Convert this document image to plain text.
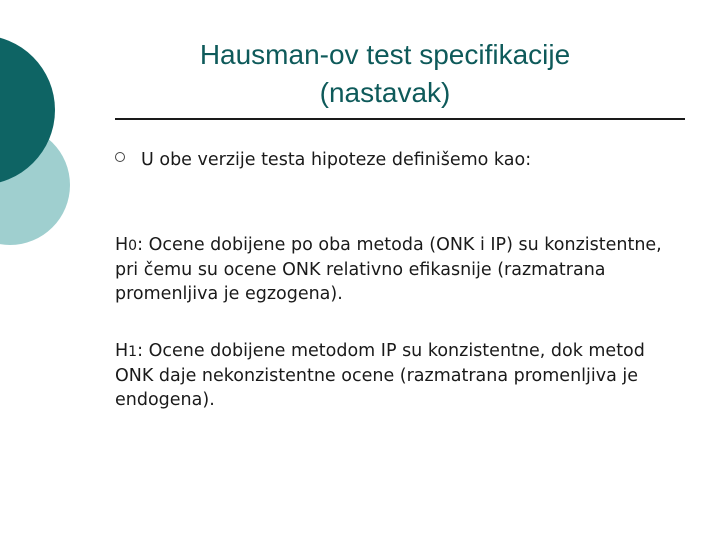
Hausman-ov test specifikacije
(nastavak)
U obe verzije testa hipoteze definišemo kao:
H0: Ocene dobijene po oba metoda (ONK i IP) su konzistentne, pri čemu su ocene ONK relativno efikasnije (razmatrana promenljiva je egzogena).
H1: Ocene dobijene metodom IP su konzistentne, dok metod ONK daje nekonzistentne ocene (razmatrana promenljiva je endogena).
